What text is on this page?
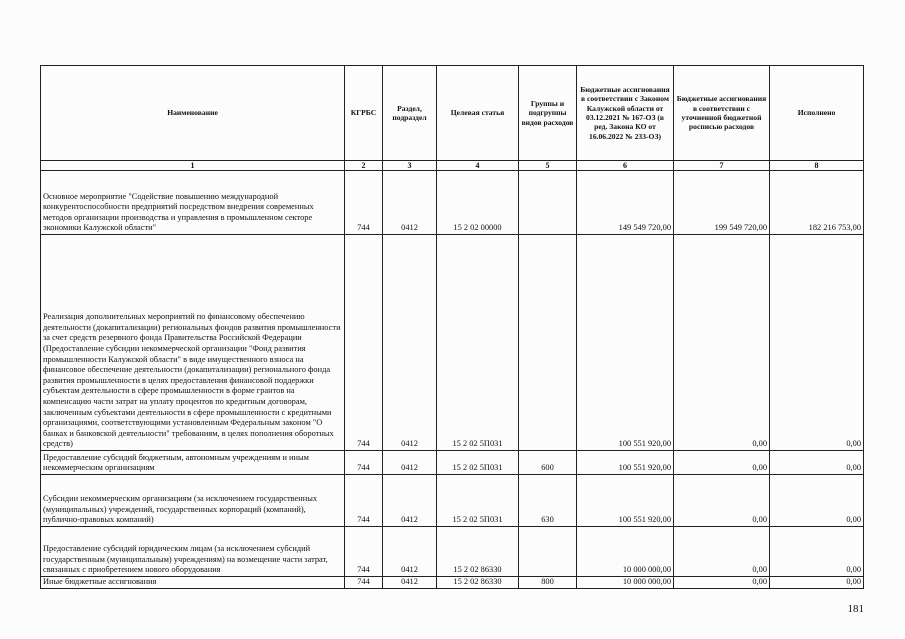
Наименование	КГРБС	Раздел, подраздел	Целевая статья	Группы и подгруппы видов расходов	Бюджетные ассигнования в соответствии с Законом Калужской области от 03.12.2021 № 167-ОЗ (в ред. Закона КО от 16.06.2022 № 233-ОЗ)	Бюджетные ассигнования в соответствии с уточненной бюджетной росписью расходов	Исполнено
1	2	3	4	5	6	7	8
Основное мероприятие "Содействие повышению международной конкурентоспособности предприятий посредством внедрения современных методов организации производства и управления в промышленном секторе экономики Калужской области"	744	0412	15 2 02 00000		149 549 720,00	199 549 720,00	182 216 753,00
Реализация дополнительных мероприятий по финансовому обеспечению деятельности (докапитализации) региональных фондов развития промышленности за счет средств резервного фонда Правительства Российской Федерации (Предоставление субсидии некоммерческой организации "Фонд развития промышленности Калужской области" в виде имущественного взноса на финансовое обеспечение деятельности (докапитализации) регионального фонда развития промышленности в целях предоставления финансовой поддержки субъектам деятельности в сфере промышленности в форме грантов на компенсацию части затрат на уплату процентов по кредитным договорам, заключенным субъектами деятельности в сфере промышленности с кредитными организациями, соответствующими установленным Федеральным законом "О банках и банковской деятельности" требованиям, в целях пополнения оборотных средств)	744	0412	15 2 02 5П031		100 551 920,00	0,00	0,00
Предоставление субсидий бюджетным, автономным учреждениям и иным некоммерческим организациям	744	0412	15 2 02 5П031	600	100 551 920,00	0,00	0,00
Субсидии некоммерческим организациям (за исключением государственных (муниципальных) учреждений, государственных корпораций (компаний), публично-правовых компаний)	744	0412	15 2 02 5П031	630	100 551 920,00	0,00	0,00
Предоставление субсидий юридическим лицам (за исключением субсидий государственным (муниципальным) учреждениям) на возмещение части затрат, связанных с приобретением нового оборудования	744	0412	15 2 02 86330		10 000 000,00	0,00	0,00
Иные бюджетные ассигнования	744	0412	15 2 02 86330	800	10 000 000,00	0,00	0,00
181
